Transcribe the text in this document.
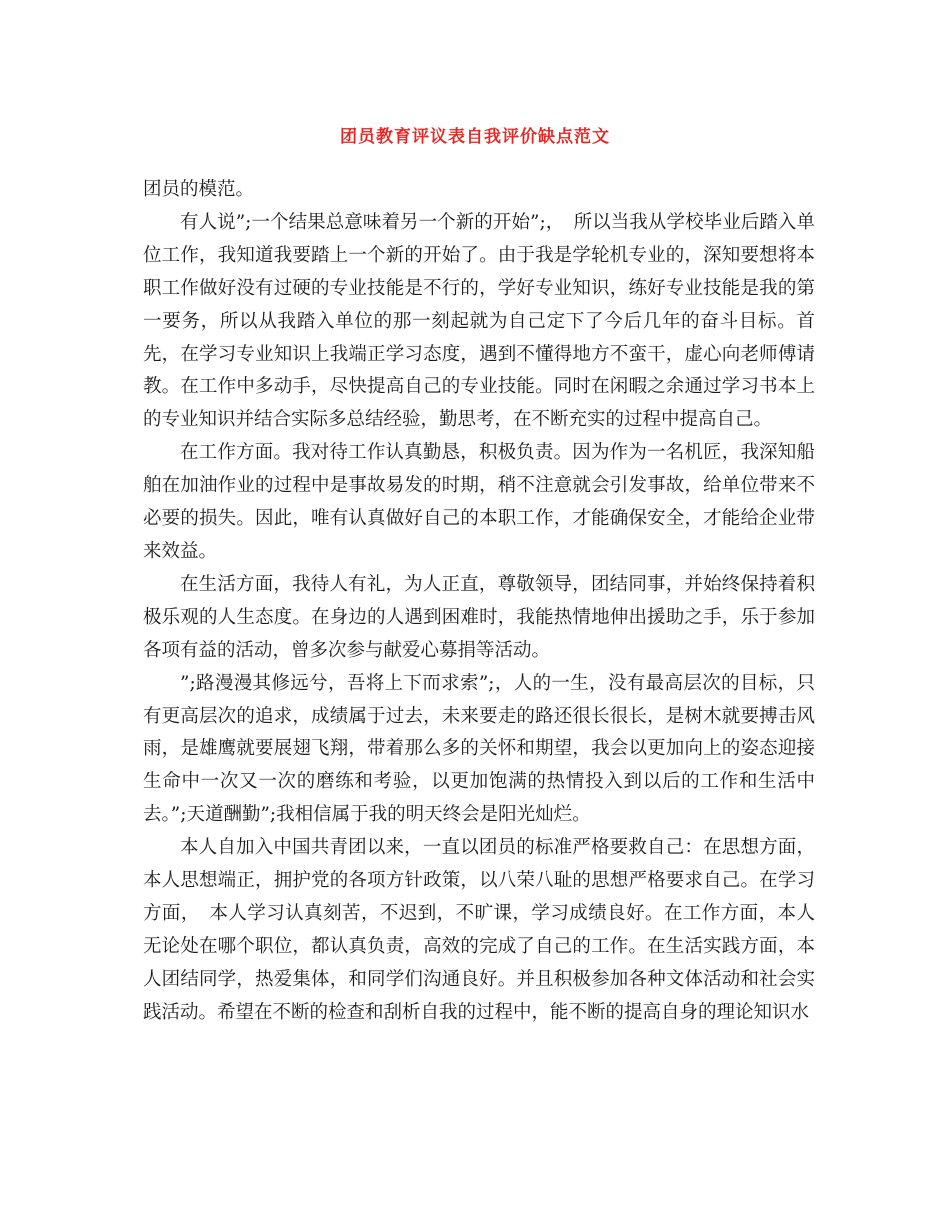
团员教育评议表自我评价缺点范文

团员的模范。

有人说”;一个结果总意味着另一个新的开始”;，　所以当我从学校毕业后踏入单位工作，我知道我要踏上一个新的开始了。由于我是学轮机专业的，深知要想将本职工作做好没有过硬的专业技能是不行的，学好专业知识，练好专业技能是我的第一要务，所以从我踏入单位的那一刻起就为自己定下了今后几年的奋斗目标。首先，在学习专业知识上我端正学习态度，遇到不懂得地方不蛮干，虚心向老师傅请教。在工作中多动手，尽快提高自己的专业技能。同时在闲暇之余通过学习书本上的专业知识并结合实际多总结经验，勤思考，在不断充实的过程中提高自己。

在工作方面。我对待工作认真勤恳，积极负责。因为作为一名机匠，我深知船舶在加油作业的过程中是事故易发的时期，稍不注意就会引发事故，给单位带来不必要的损失。因此，唯有认真做好自己的本职工作，才能确保安全，才能给企业带来效益。

在生活方面，我待人有礼，为人正直，尊敬领导，团结同事，并始终保持着积极乐观的人生态度。在身边的人遇到困难时，我能热情地伸出援助之手，乐于参加各项有益的活动，曾多次参与献爱心募捐等活动。

”;路漫漫其修远兮，吾将上下而求索”;，人的一生，没有最高层次的目标，只有更高层次的追求，成绩属于过去，未来要走的路还很长很长，是树木就要搏击风雨，是雄鹰就要展翅飞翔，带着那么多的关怀和期望，我会以更加向上的姿态迎接生命中一次又一次的磨练和考验，以更加饱满的热情投入到以后的工作和生活中去。”;天道酬勤”;我相信属于我的明天终会是阳光灿烂。

本人自加入中国共青团以来，一直以团员的标准严格要救自己：在思想方面，本人思想端正，拥护党的各项方针政策，以八荣八耻的思想严格要求自己。在学习方面，　本人学习认真刻苦，不迟到，不旷课，学习成绩良好。在工作方面，本人无论处在哪个职位，都认真负责，高效的完成了自己的工作。在生活实践方面，本人团结同学，热爱集体，和同学们沟通良好。并且积极参加各种文体活动和社会实践活动。希望在不断的检查和刮析自我的过程中，能不断的提高自身的理论知识水
